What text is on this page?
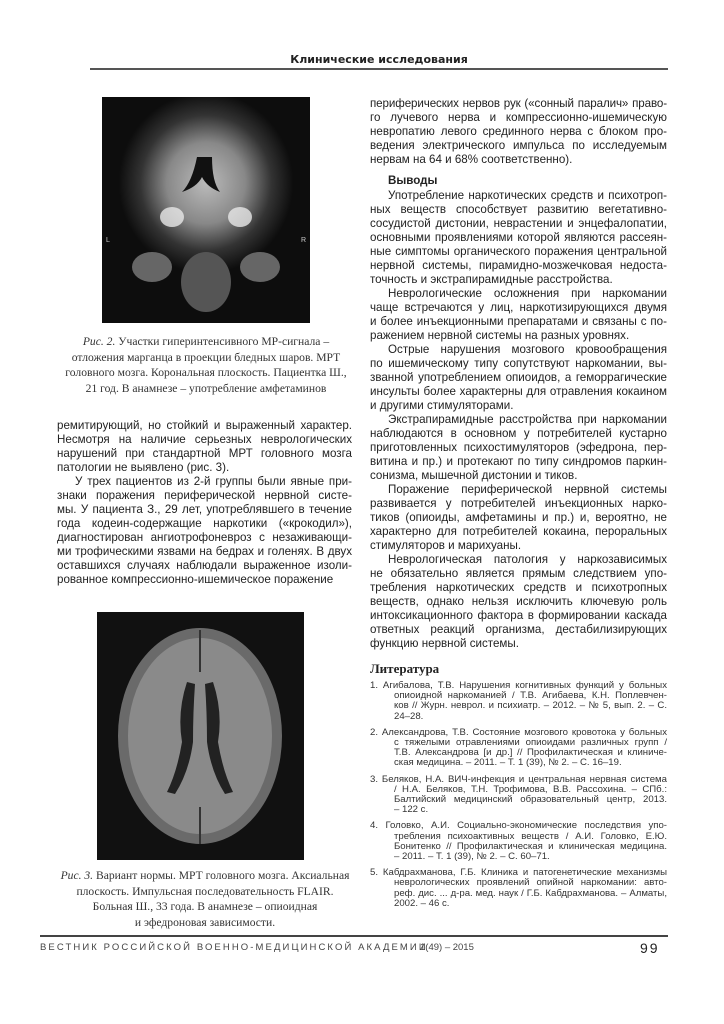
Клинические исследования
L	R
Рис. 2. Участки гиперинтенсивного МР-сигнала –
отложения марганца в проекции бледных шаров. МРТ
головного мозга. Корональная плоскость. Пациентка Ш.,
21 год. В анамнезе – употребление амфетаминов
ремитирующий, но стойкий и выраженный характер.
Несмотря на наличие серьезных неврологических
нарушений при стандартной МРТ головного мозга
патологии не выявлено (рис. 3).
У трех пациентов из 2-й группы были явные при-
знаки поражения периферической нервной систе-
мы. У пациента З., 29 лет, употреблявшего в течение
года кодеин-содержащие наркотики («крокодил»),
диагностирован ангиотрофоневроз с незаживающи-
ми трофическими язвами на бедрах и голенях. В двух
оставшихся случаях наблюдали выраженное изоли-
рованное компрессионно-ишемическое поражение
Рис. 3. Вариант нормы. МРТ головного мозга. Аксиальная
плоскость. Импульсная последовательность FLAIR.
Больная Ш., 33 года. В анамнезе – опиоидная
и эфедроновая зависимости.
периферических нервов рук («сонный паралич» право-
го лучевого нерва и компрессионно-ишемическую
невропатию левого срединного нерва с блоком про-
ведения электрического импульса по исследуемым
нервам на 64 и 68% соответственно).
Выводы
Употребление наркотических средств и психотроп-
ных веществ способствует развитию вегетативно-
сосудистой дистонии, неврастении и энцефалопатии,
основными проявлениями которой являются рассеян-
ные симптомы органического поражения центральной
нервной системы, пирамидно-мозжечковая недоста-
точность и экстрапирамидные расстройства.
Неврологические осложнения при наркомании
чаще встречаются у лиц, наркотизирующихся двумя
и более инъекционными препаратами и связаны с по-
ражением нервной системы на разных уровнях.
Острые нарушения мозгового кровообращения
по ишемическому типу сопутствуют наркомании, вы-
званной употреблением опиоидов, а геморрагические
инсульты более характерны для отравления кокаином
и другими стимуляторами.
Экстрапирамидные расстройства при наркомании
наблюдаются в основном у потребителей кустарно
приготовленных психостимуляторов (эфедрона, пер-
витина и пр.) и протекают по типу синдромов паркин-
сонизма, мышечной дистонии и тиков.
Поражение периферической нервной системы
развивается у потребителей инъекционных нарко-
тиков (опиоиды, амфетамины и пр.) и, вероятно, не
характерно для потребителей кокаина, пероральных
стимуляторов и марихуаны.
Неврологическая патология у наркозависимых
не обязательно является прямым следствием упо-
требления наркотических средств и психотропных
веществ, однако нельзя исключить ключевую роль
интоксикационного фактора в формировании каскада
ответных реакций организма, дестабилизирующих
функцию нервной системы.
Литература
1. Агибалова, Т.В. Нарушения когнитивных функций у больных
опиоидной наркоманией / Т.В. Агибаева, К.Н. Поплевчен-
ков // Журн. неврол. и психиатр. – 2012. – № 5, вып. 2. – С.
24–28.
2. Александрова, Т.В. Состояние мозгового кровотока у больных
с тяжелыми отравлениями опиоидами различных групп /
Т.В. Александрова [и др.] // Профилактическая и клиниче-
ская медицина. – 2011. – Т. 1 (39), № 2. – С. 16–19.
3. Беляков, Н.А. ВИЧ-инфекция и центральная нервная система
/ Н.А. Беляков, Т.Н. Трофимова, В.В. Рассохина. – СПб.:
Балтийский медицинский образовательный центр, 2013.
– 122 с.
4. Головко, А.И. Социально-экономические последствия упо-
требления психоактивных веществ / А.И. Головко, Е.Ю.
Бонитенко // Профилактическая и клиническая медицина.
– 2011. – Т. 1 (39), № 2. – С. 60–71.
5. Кабдрахманова, Г.Б. Клиника и патогенетические механизмы
неврологических проявлений опийной наркомании: авто-
реф. дис. ... д-ра. мед. наук / Г.Б. Кабдрахманова. – Алматы,
2002. – 46 с.
ВЕСТНИК РОССИЙСКОЙ ВОЕННО-МЕДИЦИНСКОЙ АКАДЕМИИ
1(49) – 2015	99
